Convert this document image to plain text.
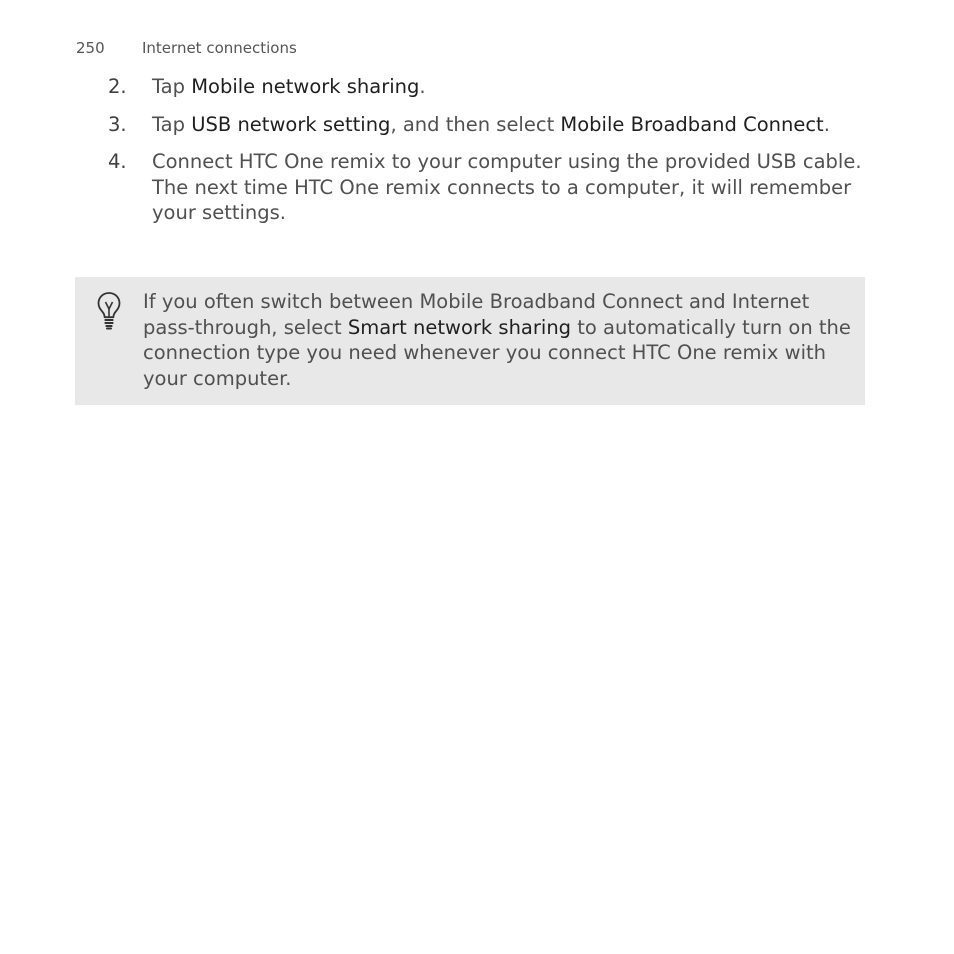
250	Internet connections
2.	Tap Mobile network sharing.
3.	Tap USB network setting, and then select Mobile Broadband Connect.
4.	Connect HTC One remix to your computer using the provided USB cable. The next time HTC One remix connects to a computer, it will remember your settings.
If you often switch between Mobile Broadband Connect and Internet pass-through, select Smart network sharing to automatically turn on the connection type you need whenever you connect HTC One remix with your computer.
